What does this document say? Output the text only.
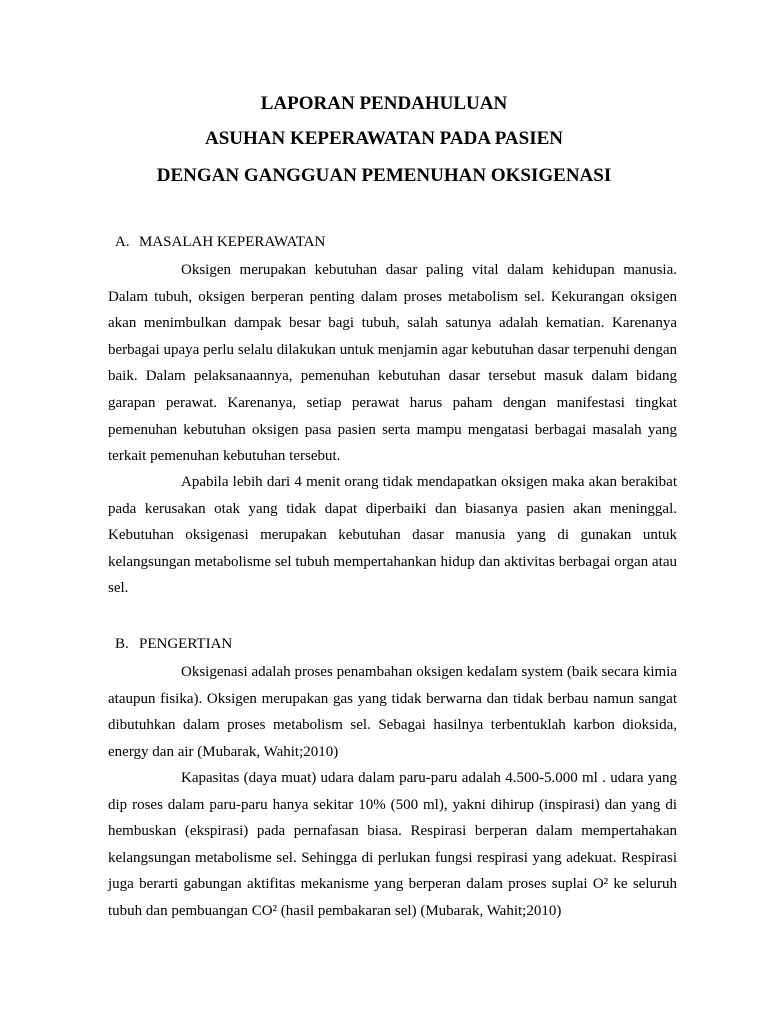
LAPORAN PENDAHULUAN
ASUHAN KEPERAWATAN PADA PASIEN
DENGAN GANGGUAN PEMENUHAN OKSIGENASI
A. MASALAH KEPERAWATAN

Oksigen merupakan kebutuhan dasar paling vital dalam kehidupan manusia. Dalam tubuh, oksigen berperan penting dalam proses metabolism sel. Kekurangan oksigen akan menimbulkan dampak besar bagi tubuh, salah satunya adalah kematian. Karenanya berbagai upaya perlu selalu dilakukan untuk menjamin agar kebutuhan dasar terpenuhi dengan baik. Dalam pelaksanaannya, pemenuhan kebutuhan dasar tersebut masuk dalam bidang garapan perawat. Karenanya, setiap perawat harus paham dengan manifestasi tingkat pemenuhan kebutuhan oksigen pasa pasien serta mampu mengatasi berbagai masalah yang terkait pemenuhan kebutuhan tersebut.

Apabila lebih dari 4 menit orang tidak mendapatkan oksigen maka akan berakibat pada kerusakan otak yang tidak dapat diperbaiki dan biasanya pasien akan meninggal. Kebutuhan oksigenasi merupakan kebutuhan dasar manusia yang di gunakan untuk kelangsungan metabolisme sel tubuh mempertahankan hidup dan aktivitas berbagai organ atau sel.

B. PENGERTIAN

Oksigenasi adalah proses penambahan oksigen kedalam system (baik secara kimia ataupun fisika). Oksigen merupakan gas yang tidak berwarna dan tidak berbau namun sangat dibutuhkan dalam proses metabolism sel. Sebagai hasilnya terbentuklah karbon dioksida, energy dan air (Mubarak, Wahit;2010)

Kapasitas (daya muat) udara dalam paru-paru adalah 4.500-5.000 ml . udara yang dip roses dalam paru-paru hanya sekitar 10% (500 ml), yakni dihirup (inspirasi) dan yang di hembuskan (ekspirasi) pada pernafasan biasa. Respirasi berperan dalam mempertahakan kelangsungan metabolisme sel. Sehingga di perlukan fungsi respirasi yang adekuat. Respirasi juga berarti gabungan aktifitas mekanisme yang berperan dalam proses suplai O² ke seluruh tubuh dan pembuangan CO² (hasil pembakaran sel) (Mubarak, Wahit;2010)
